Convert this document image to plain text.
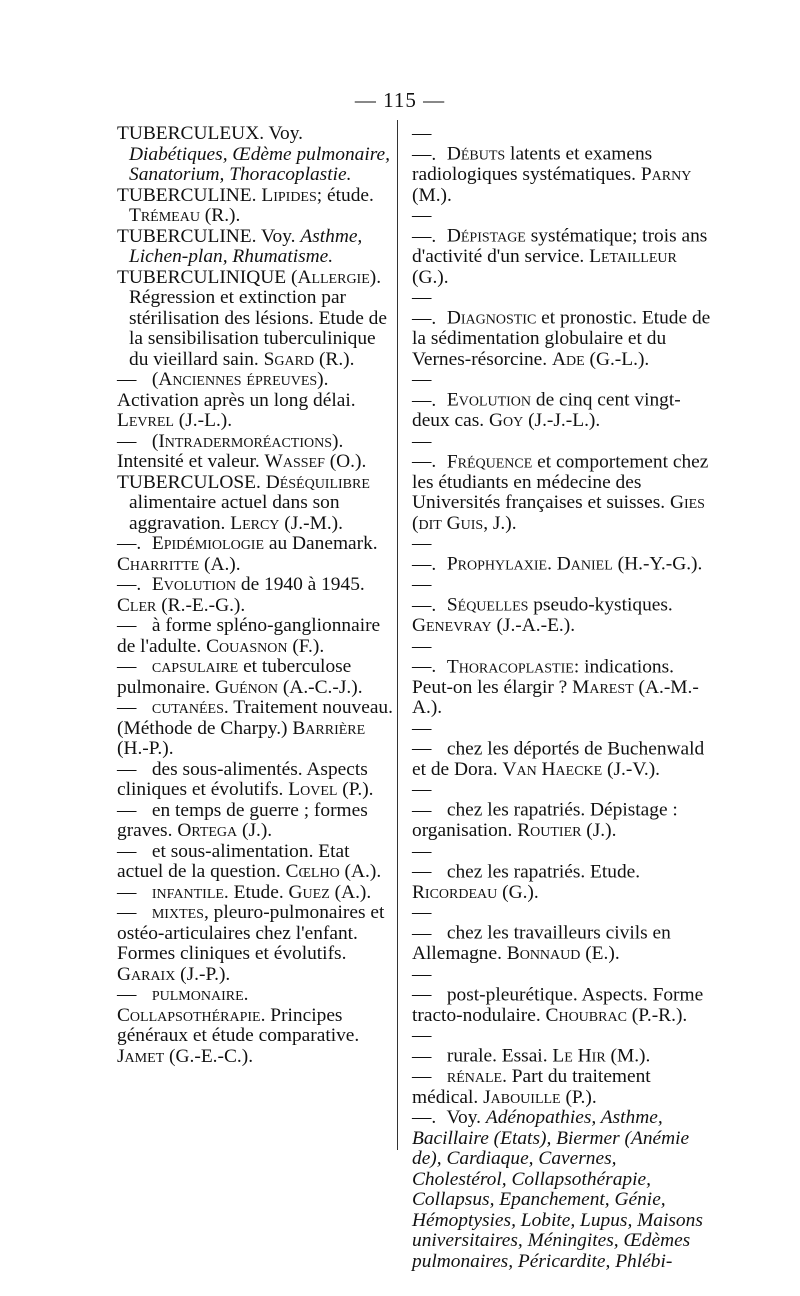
— 115 —

TUBERCULEUX. Voy. Diabétiques, Œdème pulmonaire, Sanatorium, Thoracoplastie.

TUBERCULINE. Lipides; étude. Trémeau (R.).

TUBERCULINE. Voy. Asthme, Lichen-plan, Rhumatisme.

TUBERCULINIQUE (Allergie). Régression et extinction par stérilisation des lésions. Etude de la sensibilisation tuberculinique du vieillard sain. Sgard (R.).

— (Anciennes épreuves). Activation après un long délai. Levrel (J.-L.).

— (Intradermoréactions). Intensité et valeur. Wassef (O.).

TUBERCULOSE. Déséquilibre alimentaire actuel dans son aggravation. Lercy (J.-M.).

—. Epidémiologie au Danemark. Charritte (A.).

—. Evolution de 1940 à 1945. Cler (R.-E.-G.).

— à forme spléno-ganglionnaire de l'adulte. Couasnon (F.).

— capsulaire et tuberculose pulmonaire. Guénon (A.-C.-J.).

— cutanées. Traitement nouveau. (Méthode de Charpy.) Barrière (H.-P.).

— des sous-alimentés. Aspects cliniques et évolutifs. Lovel (P.).

— en temps de guerre ; formes graves. Ortega (J.).

— et sous-alimentation. Etat actuel de la question. Cœlho (A.).

— infantile. Etude. Guez (A.).

— mixtes, pleuro-pulmonaires et ostéo-articulaires chez l'enfant. Formes cliniques et évolutifs. Garaix (J.-P.).

— pulmonaire. Collapsothérapie. Principes généraux et étude comparative. Jamet (G.-E.-C.).

— —. Débuts latents et examens radiologiques systématiques. Parny (M.).

— —. Dépistage systématique; trois ans d'activité d'un service. Letailleur (G.).

— —. Diagnostic et pronostic. Etude de la sédimentation globulaire et du Vernes-résorcine. Ade (G.-L.).

— —. Evolution de cinq cent vingt-deux cas. Goy (J.-J.-L.).

— —. Fréquence et comportement chez les étudiants en médecine des Universités françaises et suisses. Gies (dit Guis, J.).

— —. Prophylaxie. Daniel (H.-Y.-G.).

— —. Séquelles pseudo-kystiques. Genevray (J.-A.-E.).

— —. Thoracoplastie: indications. Peut-on les élargir ? Marest (A.-M.-A.).

— — chez les déportés de Buchenwald et de Dora. Van Haecke (J.-V.).

— — chez les rapatriés. Dépistage : organisation. Routier (J.).

— — chez les rapatriés. Etude. Ricordeau (G.).

— — chez les travailleurs civils en Allemagne. Bonnaud (E.).

— — post-pleurétique. Aspects. Forme tracto-nodulaire. Choubrac (P.-R.).

— — rurale. Essai. Le Hir (M.).

— rénale. Part du traitement médical. Jabouille (P.).

—. Voy. Adénopathies, Asthme, Bacillaire (Etats), Biermer (Anémie de), Cardiaque, Cavernes, Cholestérol, Collapsothérapie, Collapsus, Epanchement, Génie, Hémoptysies, Lobite, Lupus, Maisons universitaires, Méningites, Œdèmes pulmonaires, Péricardite, Phlébi-
